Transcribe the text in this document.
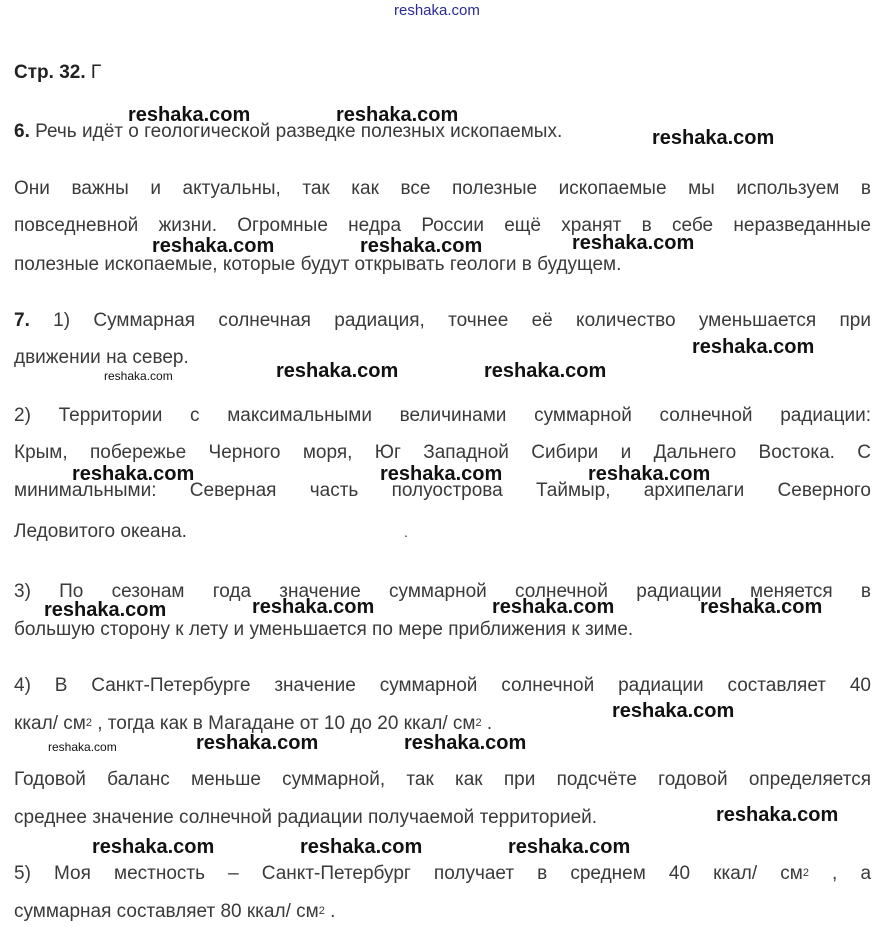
reshaka.com
Стр. 32. Г
6. Речь идёт о геологической разведке полезных ископаемых.
Они важны и актуальны, так как все полезные ископаемые мы используем в
повседневной жизни. Огромные недра России ещё хранят в себе неразведанные
полезные ископаемые, которые будут открывать геологи в будущем.
7. 1) Суммарная солнечная радиация, точнее её количество уменьшается при
движении на север.
2) Территории с максимальными величинами суммарной солнечной радиации:
Крым, побережье Черного моря, Юг Западной Сибири и Дальнего Востока. С
минимальными: Северная часть полуострова Таймыр, архипелаги Северного
Ледовитого океана.	.
3) По сезонам года значение суммарной солнечной радиации меняется в
большую сторону к лету и уменьшается по мере приближения к зиме.
4) В Санкт-Петербурге значение суммарной солнечной радиации составляет 40
ккал/ $см^2$ , тогда как в Магадане от 10 до 20 ккал/ $см^2$ .
Годовой баланс меньше суммарной, так как при подсчёте годовой определяется
среднее значение солнечной радиации получаемой территорией.
5) Моя местность – Санкт-Петербург получает в среднем 40 ккал/ $см^2$ , а
суммарная составляет 80 ккал/ $см^2$ .
reshaka.com	reshaka.com
reshaka.com
reshaka.com	reshaka.com	reshaka.com
reshaka.com
reshaka.com	reshaka.com	reshaka.com
reshaka.com	reshaka.com	reshaka.com
reshaka.com	reshaka.com	reshaka.com	reshaka.com
reshaka.com
reshaka.com	reshaka.com	reshaka.com
reshaka.com
reshaka.com	reshaka.com	reshaka.com
